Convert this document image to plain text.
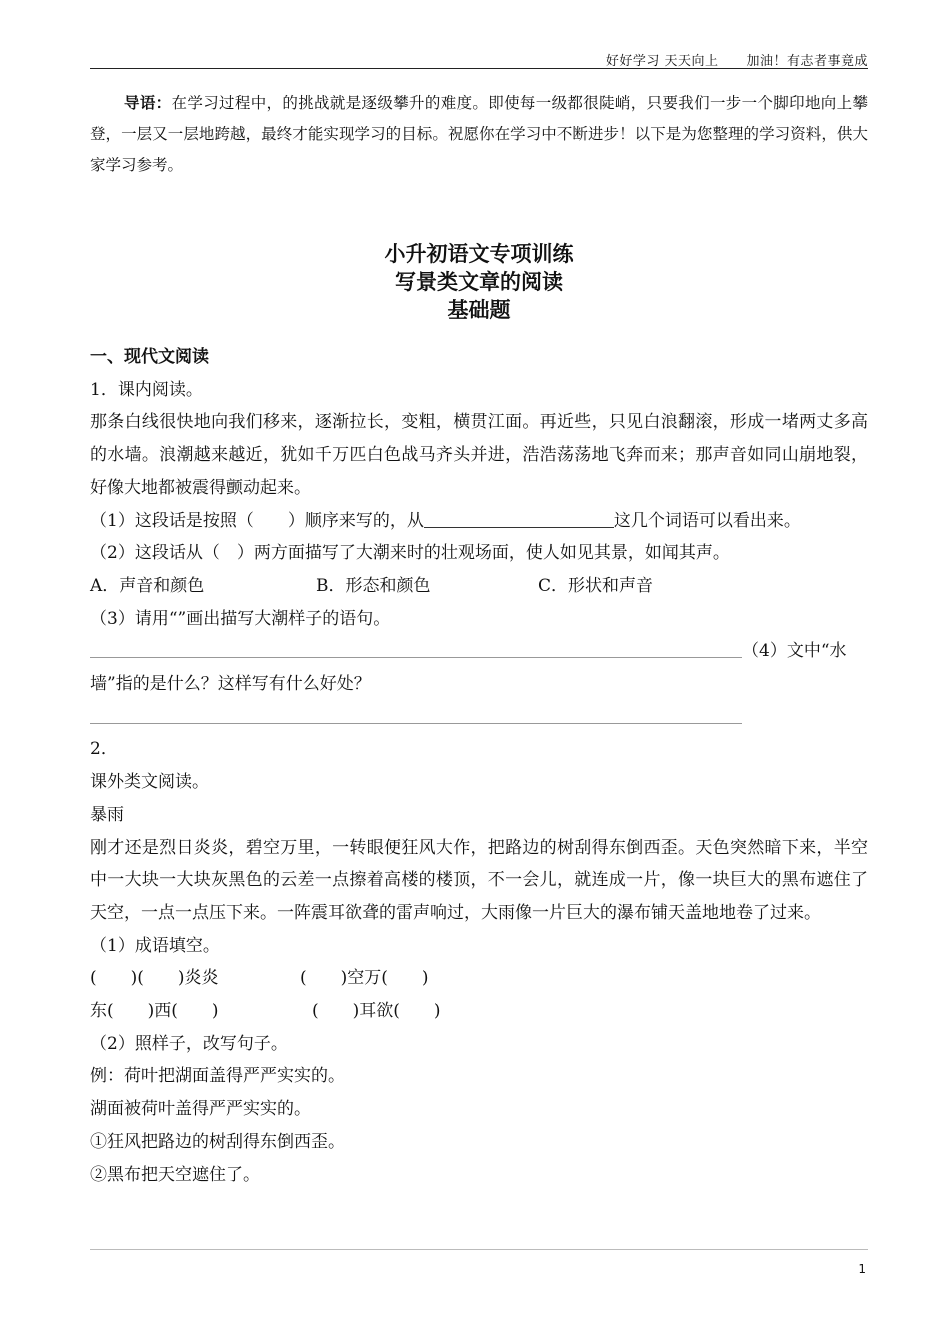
好好学习 天天向上 加油！有志者事竟成
导语：在学习过程中，的挑战就是逐级攀升的难度。即使每一级都很陡峭，只要我们一步一个脚印地向上攀登，一层又一层地跨越，最终才能实现学习的目标。祝愿你在学习中不断进步！以下是为您整理的学习资料，供大家学习参考。
小升初语文专项训练
写景类文章的阅读
基础题

一、现代文阅读

1．课内阅读。

那条白线很快地向我们移来，逐渐拉长，变粗，横贯江面。再近些，只见白浪翻滚，形成一堵两丈多高的水墙。浪潮越来越近，犹如千万匹白色战马齐头并进，浩浩荡荡地飞奔而来；那声音如同山崩地裂，好像大地都被震得颤动起来。

（1）这段话是按照（　　）顺序来写的，从	这几个词语可以看出来。

（2）这段话从（　）两方面描写了大潮来时的壮观场面，使人如见其景，如闻其声。

A．声音和颜色	B．形态和颜色	C．形状和声音

（3）请用“”画出描写大潮样子的语句。

（4）文中“水

墙”指的是什么？这样写有什么好处？

2．

课外类文阅读。

暴雨

刚才还是烈日炎炎，碧空万里，一转眼便狂风大作，把路边的树刮得东倒西歪。天色突然暗下来，半空中一大块一大块灰黑色的云差一点擦着高楼的楼顶，不一会儿，就连成一片，像一块巨大的黑布遮住了天空，一点一点压下来。一阵震耳欲聋的雷声响过，大雨像一片巨大的瀑布铺天盖地地卷了过来。

（1）成语填空。

(　　)(　　)炎炎	(　　)空万(　　)

东(　　)西(　　)	(　　)耳欲(　　)

（2）照样子，改写句子。

例：荷叶把湖面盖得严严实实的。

湖面被荷叶盖得严严实实的。

①狂风把路边的树刮得东倒西歪。

②黑布把天空遮住了。

1
